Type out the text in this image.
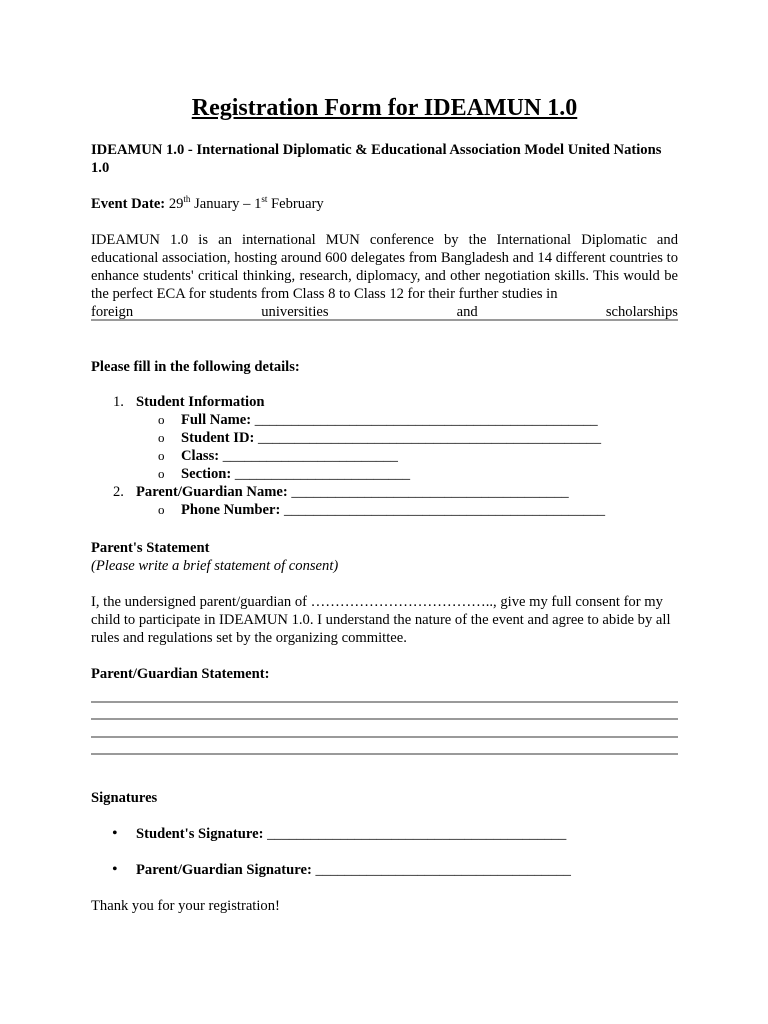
Registration Form for IDEAMUN 1.0

IDEAMUN 1.0 - International Diplomatic & Educational Association Model United Nations 1.0

Event Date: 29th January – 1st February

IDEAMUN 1.0 is an international MUN conference by the International Diplomatic and educational association, hosting around 600 delegates from Bangladesh and 14 different countries to enhance students' critical thinking, research, diplomacy, and other negotiation skills. This would be the perfect ECA for students from Class 8 to Class 12 for their further studies in
foreign	universities	and	scholarships

Please fill in the following details:

1. Student Information
o Full Name: _______________________________________________
o Student ID: _______________________________________________
o Class: ________________________
o Section: ________________________
2. Parent/Guardian Name: ______________________________________
o Phone Number: ____________________________________________

Parent's Statement

(Please write a brief statement of consent)

I, the undersigned parent/guardian of ……………………………….., give my full consent for my child to participate in IDEAMUN 1.0. I understand the nature of the event and agree to abide by all rules and regulations set by the organizing committee.

Parent/Guardian Statement:

Signatures

• Student's Signature: _________________________________________
• Parent/Guardian Signature: ___________________________________

Thank you for your registration!
